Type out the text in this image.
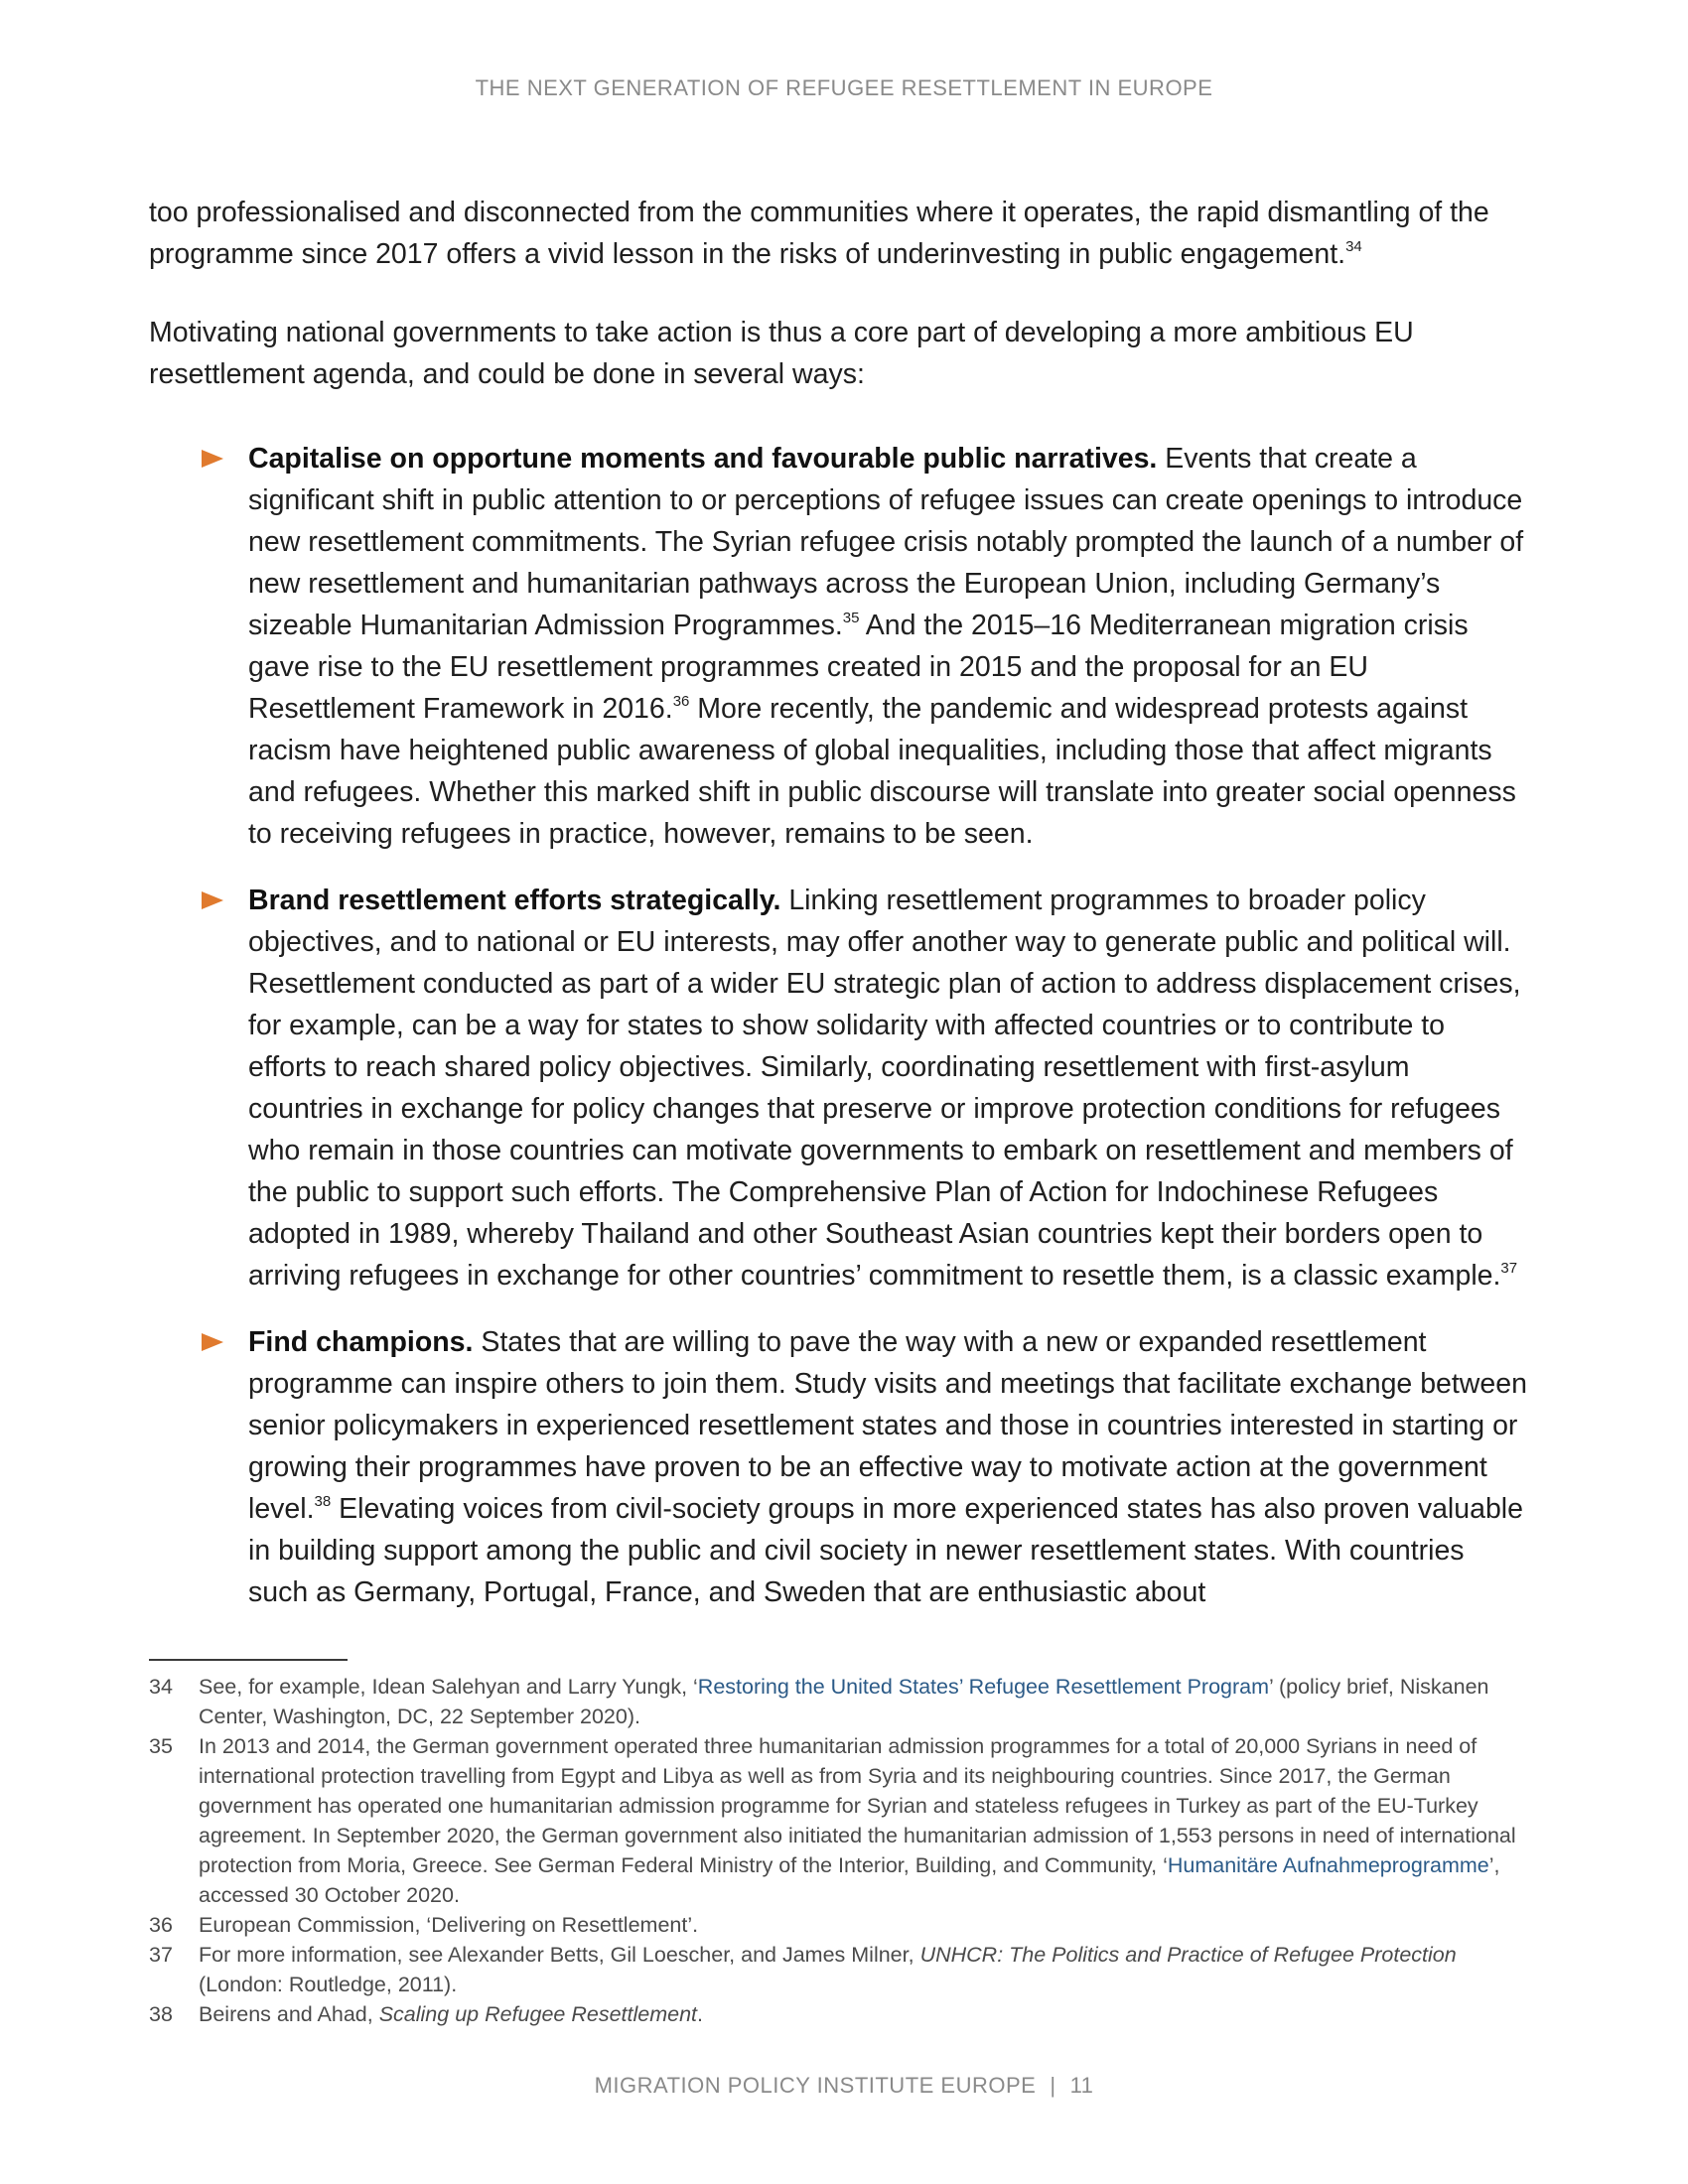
THE NEXT GENERATION OF REFUGEE RESETTLEMENT IN EUROPE

too professionalised and disconnected from the communities where it operates, the rapid dismantling of the programme since 2017 offers a vivid lesson in the risks of underinvesting in public engagement.$^{34}$

Motivating national governments to take action is thus a core part of developing a more ambitious EU resettlement agenda, and could be done in several ways:

Capitalise on opportune moments and favourable public narratives. Events that create a significant shift in public attention to or perceptions of refugee issues can create openings to introduce new resettlement commitments. The Syrian refugee crisis notably prompted the launch of a number of new resettlement and humanitarian pathways across the European Union, including Germany’s sizeable Humanitarian Admission Programmes.$^{35}$ And the 2015–16 Mediterranean migration crisis gave rise to the EU resettlement programmes created in 2015 and the proposal for an EU Resettlement Framework in 2016.36 More recently, the pandemic and widespread protests against racism have heightened public awareness of global inequalities, including those that affect migrants and refugees. Whether this marked shift in public discourse will translate into greater social openness to receiving refugees in practice, however, remains to be seen.
Brand resettlement efforts strategically. Linking resettlement programmes to broader policy objectives, and to national or EU interests, may offer another way to generate public and political will. Resettlement conducted as part of a wider EU strategic plan of action to address displacement crises, for example, can be a way for states to show solidarity with affected countries or to contribute to efforts to reach shared policy objectives. Similarly, coordinating resettlement with first-asylum countries in exchange for policy changes that preserve or improve protection conditions for refugees who remain in those countries can motivate governments to embark on resettlement and members of the public to support such efforts. The Comprehensive Plan of Action for Indochinese Refugees adopted in 1989, whereby Thailand and other Southeast Asian countries kept their borders open to arriving refugees in exchange for other countries’ commitment to resettle them, is a classic example.$^{37}$
Find champions. States that are willing to pave the way with a new or expanded resettlement programme can inspire others to join them. Study visits and meetings that facilitate exchange between senior policymakers in experienced resettlement states and those in countries interested in starting or growing their programmes have proven to be an effective way to motivate action at the government level.$^{38}$ Elevating voices from civil-society groups in more experienced states has also proven valuable in building support among the public and civil society in newer resettlement states. With countries such as Germany, Portugal, France, and Sweden that are enthusiastic about
34 See, for example, Idean Salehyan and Larry Yungk, ‘Restoring the United States’ Refugee Resettlement Program’ (policy brief, Niskanen Center, Washington, DC, 22 September 2020).
35 In 2013 and 2014, the German government operated three humanitarian admission programmes for a total of 20,000 Syrians in need of international protection travelling from Egypt and Libya as well as from Syria and its neighbouring countries. Since 2017, the German government has operated one humanitarian admission programme for Syrian and stateless refugees in Turkey as part of the EU-Turkey agreement. In September 2020, the German government also initiated the humanitarian admission of 1,553 persons in need of international protection from Moria, Greece. See German Federal Ministry of the Interior, Building, and Community, ‘Humanitäre Aufnahmeprogramme’, accessed 30 October 2020.
36 European Commission, ‘Delivering on Resettlement’.
37 For more information, see Alexander Betts, Gil Loescher, and James Milner, UNHCR: The Politics and Practice of Refugee Protection (London: Routledge, 2011).
38 Beirens and Ahad, Scaling up Refugee Resettlement.
MIGRATION POLICY INSTITUTE EUROPE | 11
